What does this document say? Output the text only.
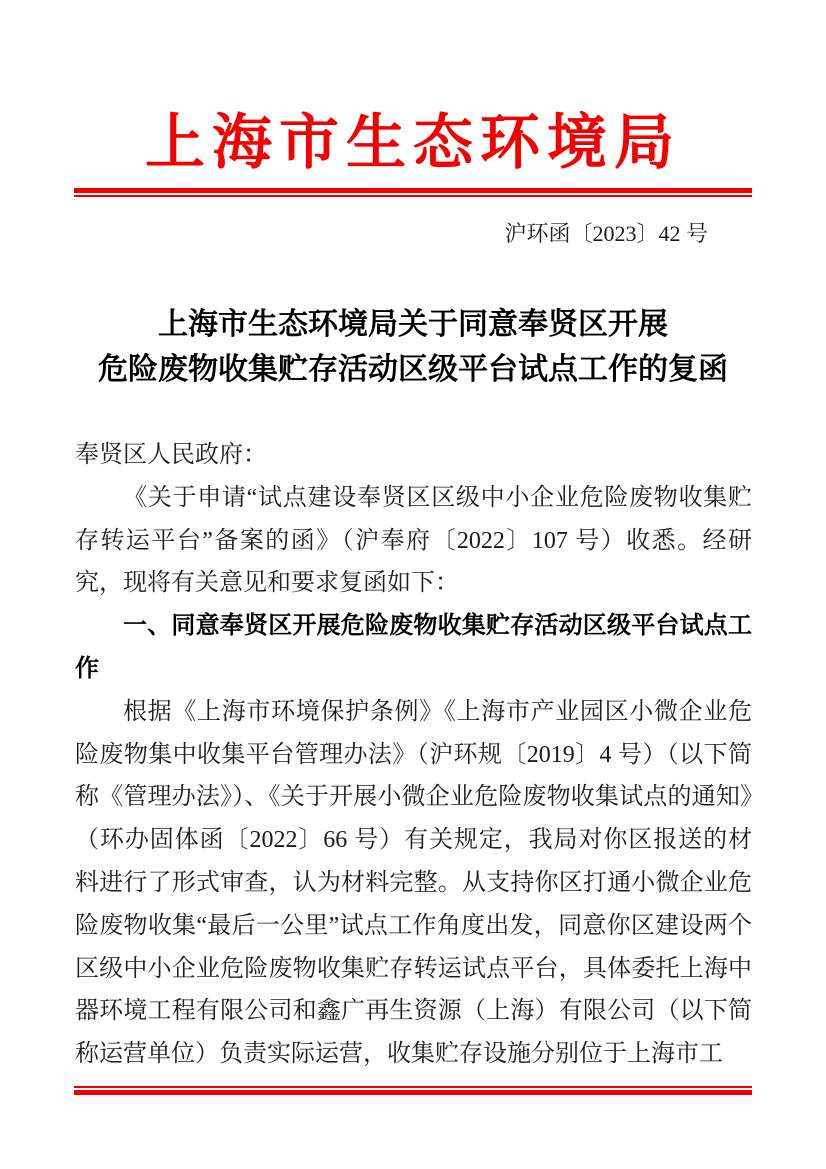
上海市生态环境局
沪环函〔2023〕42 号
上海市生态环境局关于同意奉贤区开展
危险废物收集贮存活动区级平台试点工作的复函

奉贤区人民政府：

《关于申请“试点建设奉贤区区级中小企业危险废物收集贮存转运平台”备案的函》（沪奉府〔2022〕107 号）收悉。经研究，现将有关意见和要求复函如下：

一、同意奉贤区开展危险废物收集贮存活动区级平台试点工作

根据《上海市环境保护条例》《上海市产业园区小微企业危险废物集中收集平台管理办法》（沪环规〔2019〕4 号）（以下简称《管理办法》）、《关于开展小微企业危险废物收集试点的通知》（环办固体函〔2022〕66 号）有关规定，我局对你区报送的材料进行了形式审查，认为材料完整。从支持你区打通小微企业危险废物收集“最后一公里”试点工作角度出发，同意你区建设两个区级中小企业危险废物收集贮存转运试点平台，具体委托上海中器环境工程有限公司和鑫广再生资源（上海）有限公司（以下简称运营单位）负责实际运营，收集贮存设施分别位于上海市工
